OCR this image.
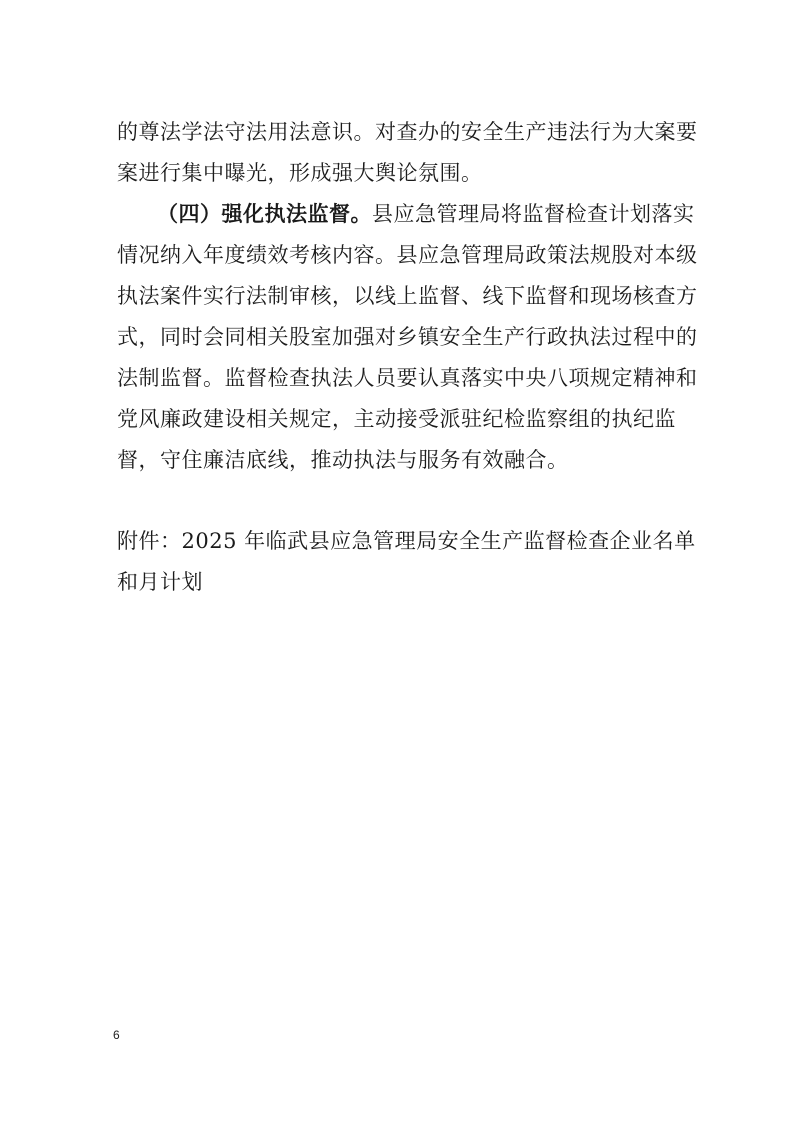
的尊法学法守法用法意识。对查办的安全生产违法行为大案要
案进行集中曝光，形成强大舆论氛围。
（四）强化执法监督。县应急管理局将监督检查计划落实
情况纳入年度绩效考核内容。县应急管理局政策法规股对本级
执法案件实行法制审核，以线上监督、线下监督和现场核查方
式，同时会同相关股室加强对乡镇安全生产行政执法过程中的
法制监督。监督检查执法人员要认真落实中央八项规定精神和
党风廉政建设相关规定，主动接受派驻纪检监察组的执纪监
督，守住廉洁底线，推动执法与服务有效融合。
附件：2025 年临武县应急管理局安全生产监督检查企业名单
和月计划
6
